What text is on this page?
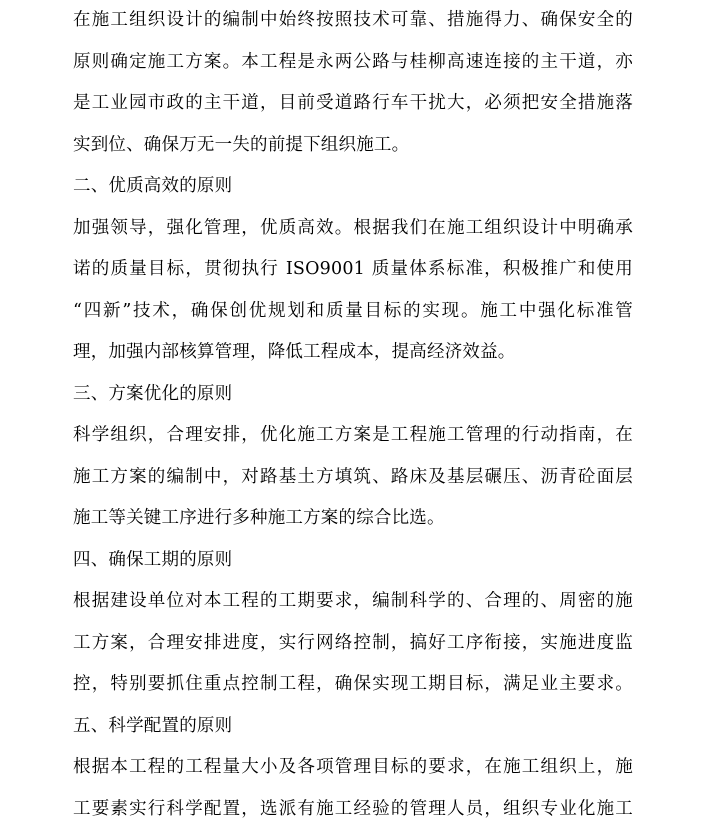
在施工组织设计的编制中始终按照技术可靠、措施得力、确保安全的
原则确定施工方案。本工程是永两公路与桂柳高速连接的主干道，亦
是工业园市政的主干道，目前受道路行车干扰大，必须把安全措施落
实到位、确保万无一失的前提下组织施工。
二、优质高效的原则
加强领导，强化管理，优质高效。根据我们在施工组织设计中明确承
诺的质量目标，贯彻执行 ISO9001 质量体系标准，积极推广和使用
“四新”技术，确保创优规划和质量目标的实现。施工中强化标准管
理，加强内部核算管理，降低工程成本，提高经济效益。
三、方案优化的原则
科学组织，合理安排，优化施工方案是工程施工管理的行动指南，在
施工方案的编制中，对路基土方填筑、路床及基层碾压、沥青砼面层
施工等关键工序进行多种施工方案的综合比选。
四、确保工期的原则
根据建设单位对本工程的工期要求，编制科学的、合理的、周密的施
工方案，合理安排进度，实行网络控制，搞好工序衔接，实施进度监
控，特别要抓住重点控制工程，确保实现工期目标，满足业主要求。
五、科学配置的原则
根据本工程的工程量大小及各项管理目标的要求，在施工组织上，施
工要素实行科学配置，选派有施工经验的管理人员，组织专业化施工
